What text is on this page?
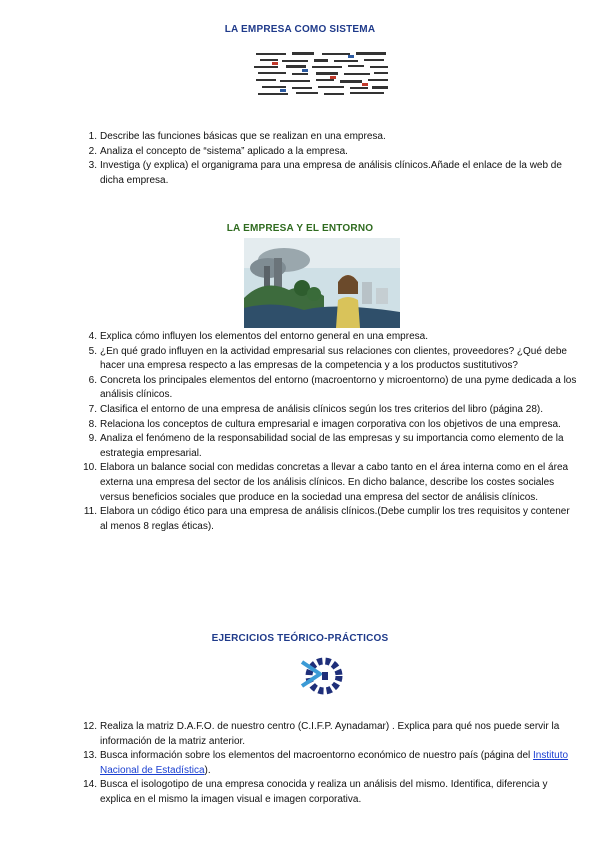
LA EMPRESA COMO SISTEMA
1. Describe las funciones básicas que se realizan en una empresa.
2. Analiza el concepto de “sistema” aplicado a la empresa.
3. Investiga (y explica) el organigrama para una empresa de análisis clínicos.Añade el enlace de la web de dicha empresa.
LA EMPRESA Y EL ENTORNO
4. Explica cómo influyen los elementos del entorno general en una empresa.
5. ¿En qué grado influyen en la actividad empresarial sus relaciones con clientes, proveedores? ¿Qué debe hacer una empresa respecto a las empresas de la competencia y a los productos sustitutivos?
6. Concreta los principales elementos del entorno (macroentorno y microentorno) de una pyme dedicada a los análisis clínicos.
7. Clasifica el entorno de una empresa de análisis clínicos según los tres criterios del libro (página 28).
8. Relaciona los conceptos de cultura empresarial e imagen corporativa con los objetivos de una empresa.
9. Analiza el fenómeno de la responsabilidad social de las empresas y su importancia como elemento de la estrategia empresarial.
10. Elabora un balance social con medidas concretas a llevar a cabo tanto en el área interna como en el área externa una empresa del sector de los análisis clínicos. En dicho balance, describe los costes sociales versus beneficios sociales que produce en la sociedad una empresa del sector de análisis clínicos.
11. Elabora un código ético para una empresa de análisis clínicos.(Debe cumplir los tres requisitos y contener al menos 8 reglas éticas).
EJERCICIOS TEÓRICO-PRÁCTICOS
12. Realiza la matriz D.A.F.O. de nuestro centro (C.I.F.P. Aynadamar) . Explica para qué nos puede servir la información de la matriz anterior.
13. Busca información sobre los elementos del macroentorno económico de nuestro país (página del Instituto Nacional de Estadística).
14. Busca el isologotipo de una empresa conocida y realiza un análisis del mismo. Identifica, diferencia y explica en el mismo la imagen visual e imagen corporativa.
